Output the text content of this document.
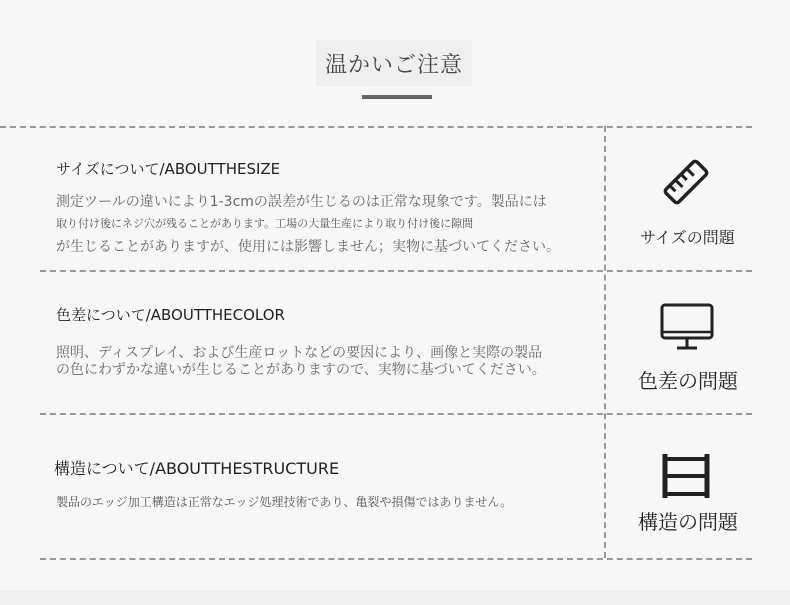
温かいご注意
サイズについて/ABOUTTHESIZE
測定ツールの違いにより1-3cmの誤差が生じるのは正常な現象です。製品には
取り付け後にネジ穴が残ることがあります。工場の大量生産により取り付け後に隙間
が生じることがありますが、使用には影響しません；実物に基づいてください。	サイズの問題
色差について/ABOUTTHECOLOR
照明、ディスプレイ、および生産ロットなどの要因により、画像と実際の製品
の色にわずかな違いが生じることがありますので、実物に基づいてください。	色差の問題
構造について/ABOUTTHESTRUCTURE
製品のエッジ加工構造は正常なエッジ処理技術であり、亀裂や損傷ではありません。
構造の問題
